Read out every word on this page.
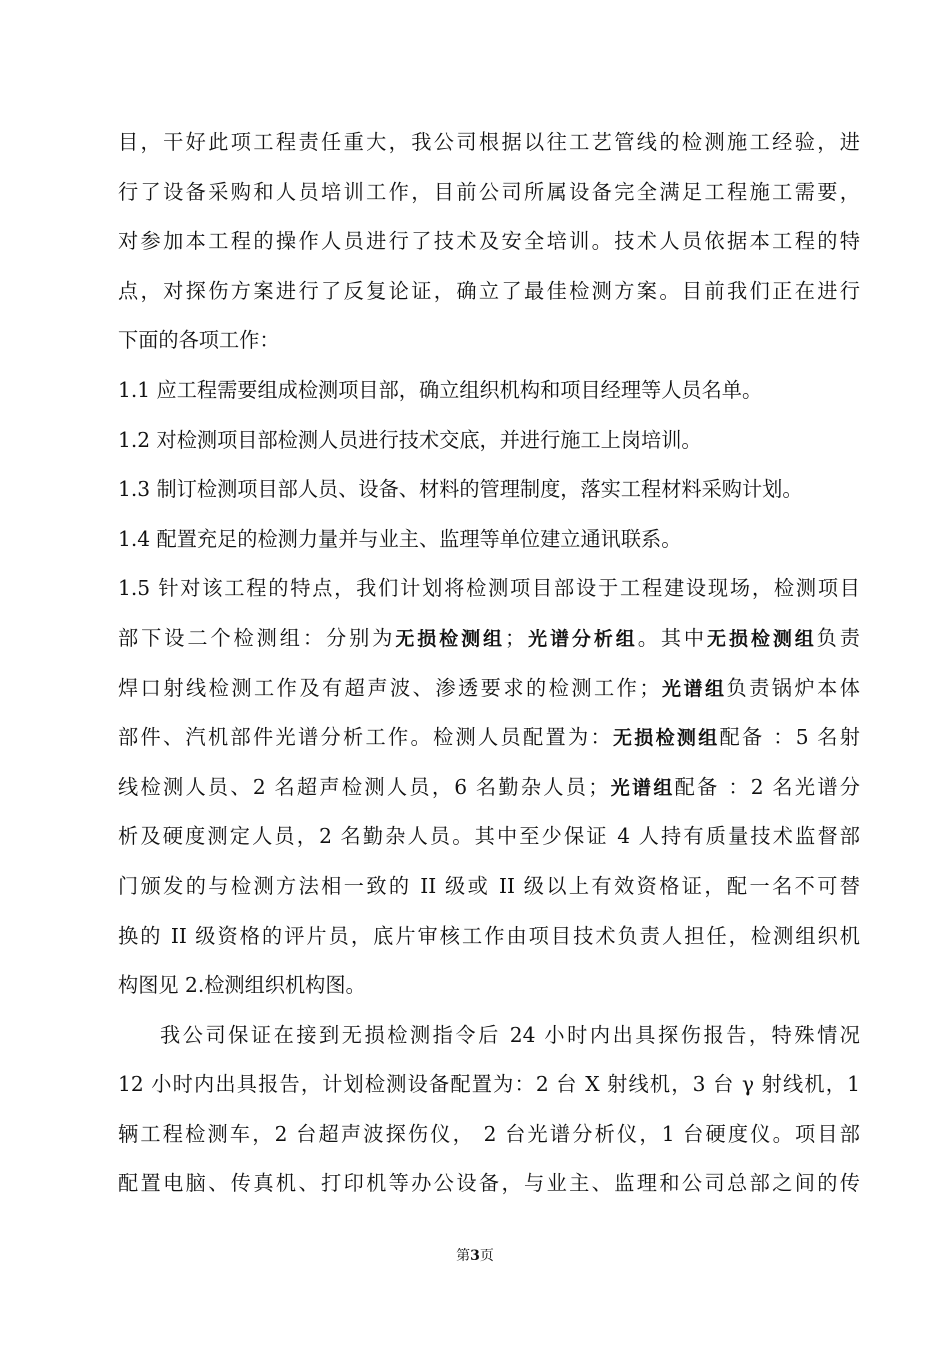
目，干好此项工程责任重大，我公司根据以往工艺管线的检测施工经验，进
行了设备采购和人员培训工作，目前公司所属设备完全满足工程施工需要，
对参加本工程的操作人员进行了技术及安全培训。技术人员依据本工程的特
点，对探伤方案进行了反复论证，确立了最佳检测方案。目前我们正在进行
下面的各项工作：
1.1 应工程需要组成检测项目部，确立组织机构和项目经理等人员名单。
1.2 对检测项目部检测人员进行技术交底，并进行施工上岗培训。
1.3 制订检测项目部人员、设备、材料的管理制度，落实工程材料采购计划。
1.4 配置充足的检测力量并与业主、监理等单位建立通讯联系。
1.5 针对该工程的特点，我们计划将检测项目部设于工程建设现场，检测项目
部下设二个检测组：分别为无损检测组；光谱分析组。其中无损检测组负责
焊口射线检测工作及有超声波、渗透要求的检测工作；光谱组负责锅炉本体
部件、汽机部件光谱分析工作。检测人员配置为：无损检测组配备 ：5 名射
线检测人员、2 名超声检测人员，6 名勤杂人员；光谱组配备 ：2 名光谱分
析及硬度测定人员，2 名勤杂人员。其中至少保证 4 人持有质量技术监督部
门颁发的与检测方法相一致的 II 级或 II 级以上有效资格证，配一名不可替
换的 II 级资格的评片员，底片审核工作由项目技术负责人担任，检测组织机
构图见 2.检测组织机构图。
我公司保证在接到无损检测指令后 24 小时内出具探伤报告，特殊情况
12 小时内出具报告，计划检测设备配置为：2 台 X 射线机，3 台 γ 射线机，1
辆工程检测车，2 台超声波探伤仪， 2 台光谱分析仪，1 台硬度仪。项目部
配置电脑、传真机、打印机等办公设备，与业主、监理和公司总部之间的传
第3页
